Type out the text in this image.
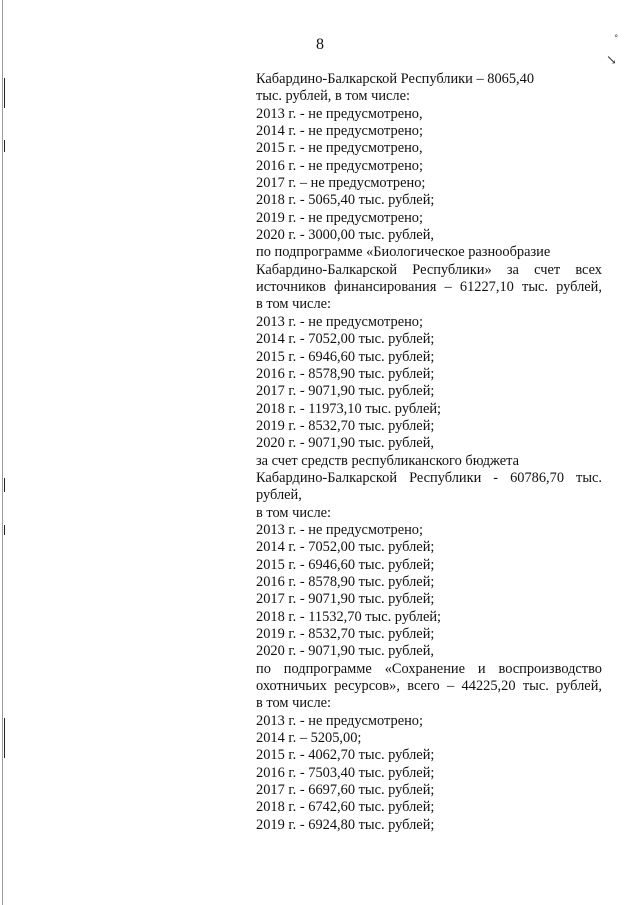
˳
↘
8
Кабардино-Балкарской Республики – 8065,40
тыс. рублей, в том числе:
2013 г. - не предусмотрено,
2014 г. - не предусмотрено;
2015 г. - не предусмотрено,
2016 г. - не предусмотрено;
2017 г. – не предусмотрено;
2018 г. - 5065,40 тыс. рублей;
2019 г. - не предусмотрено;
2020 г. - 3000,00 тыс. рублей,
по подпрограмме «Биологическое разнообразие
Кабардино-Балкарской Республики» за счет всех
источников финансирования – 61227,10 тыс. рублей,
в том числе:
2013 г. - не предусмотрено;
2014 г. - 7052,00 тыс. рублей;
2015 г. - 6946,60 тыс. рублей;
2016 г. - 8578,90 тыс. рублей;
2017 г. - 9071,90 тыс. рублей;
2018 г. - 11973,10 тыс. рублей;
2019 г. - 8532,70 тыс. рублей;
2020 г. - 9071,90 тыс. рублей,
за счет средств республиканского бюджета
Кабардино-Балкарской Республики - 60786,70 тыс.
рублей,
в том числе:
2013 г. - не предусмотрено;
2014 г. - 7052,00 тыс. рублей;
2015 г. - 6946,60 тыс. рублей;
2016 г. - 8578,90 тыс. рублей;
2017 г. - 9071,90 тыс. рублей;
2018 г. - 11532,70 тыс. рублей;
2019 г. - 8532,70 тыс. рублей;
2020 г. - 9071,90 тыс. рублей,
по подпрограмме «Сохранение и воспроизводство
охотничьих ресурсов», всего – 44225,20 тыс. рублей,
в том числе:
2013 г. - не предусмотрено;
2014 г. – 5205,00;
2015 г. - 4062,70 тыс. рублей;
2016 г. - 7503,40 тыс. рублей;
2017 г. - 6697,60 тыс. рублей;
2018 г. - 6742,60 тыс. рублей;
2019 г. - 6924,80 тыс. рублей;
